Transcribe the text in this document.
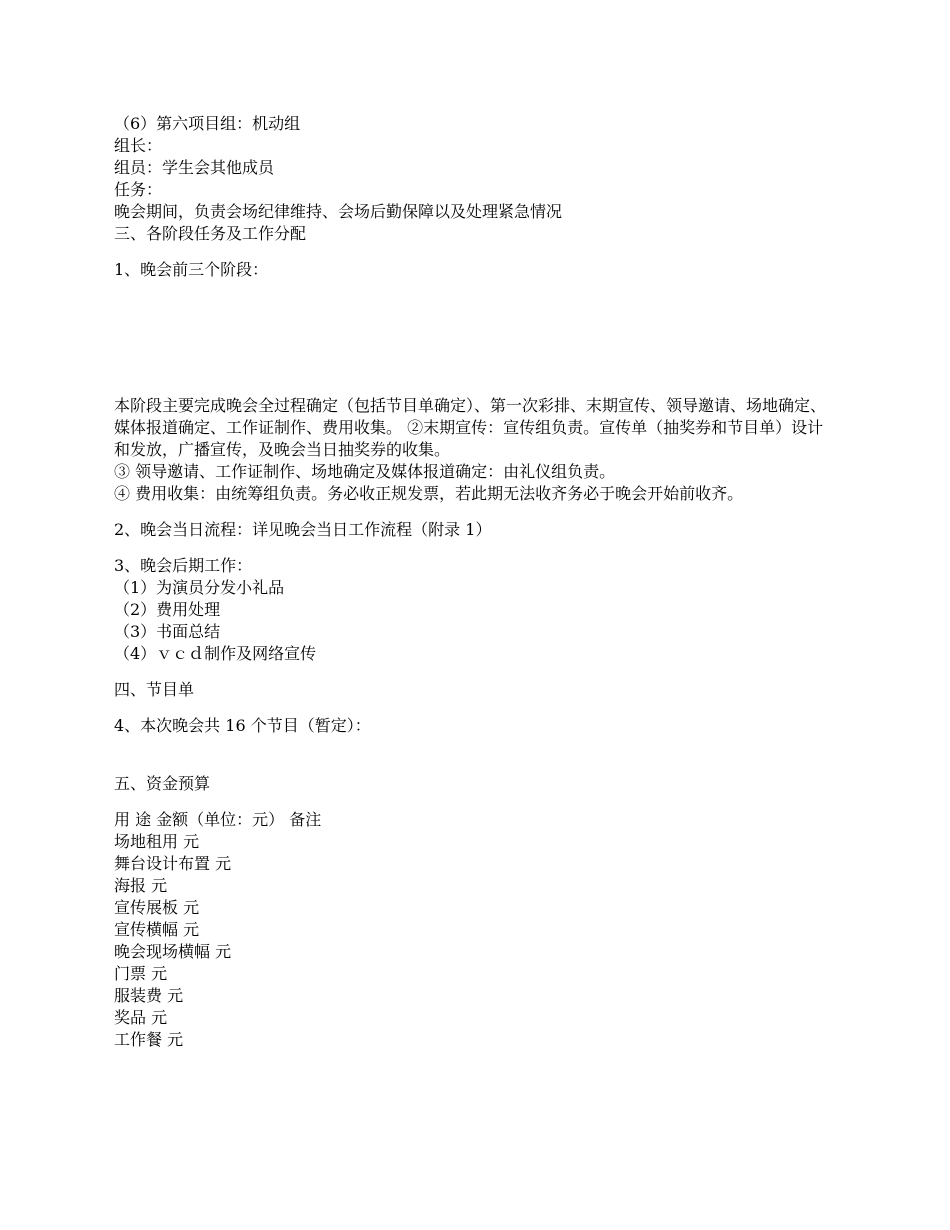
（6）第六项目组：机动组
组长：
组员：学生会其他成员
任务：
晚会期间，负责会场纪律维持、会场后勤保障以及处理紧急情况
三、各阶段任务及工作分配
1、晚会前三个阶段：
本阶段主要完成晚会全过程确定（包括节目单确定）、第一次彩排、末期宣传、领导邀请、场地确定、媒体报道确定、工作证制作、费用收集。 ②末期宣传：宣传组负责。宣传单（抽奖券和节目单）设计和发放，广播宣传，及晚会当日抽奖券的收集。
③ 领导邀请、工作证制作、场地确定及媒体报道确定：由礼仪组负责。
④ 费用收集：由统筹组负责。务必收正规发票，若此期无法收齐务必于晚会开始前收齐。
2、晚会当日流程：详见晚会当日工作流程（附录 1）
3、晚会后期工作：
（1）为演员分发小礼品
（2）费用处理
（3）书面总结
（4）ｖｃｄ制作及网络宣传
四、节目单
4、本次晚会共 16 个节目（暂定）：
五、资金预算
用 途 金额（单位：元） 备注
场地租用 元
舞台设计布置 元
海报 元
宣传展板 元
宣传横幅 元
晚会现场横幅 元
门票 元
服装费 元
奖品 元
工作餐 元
